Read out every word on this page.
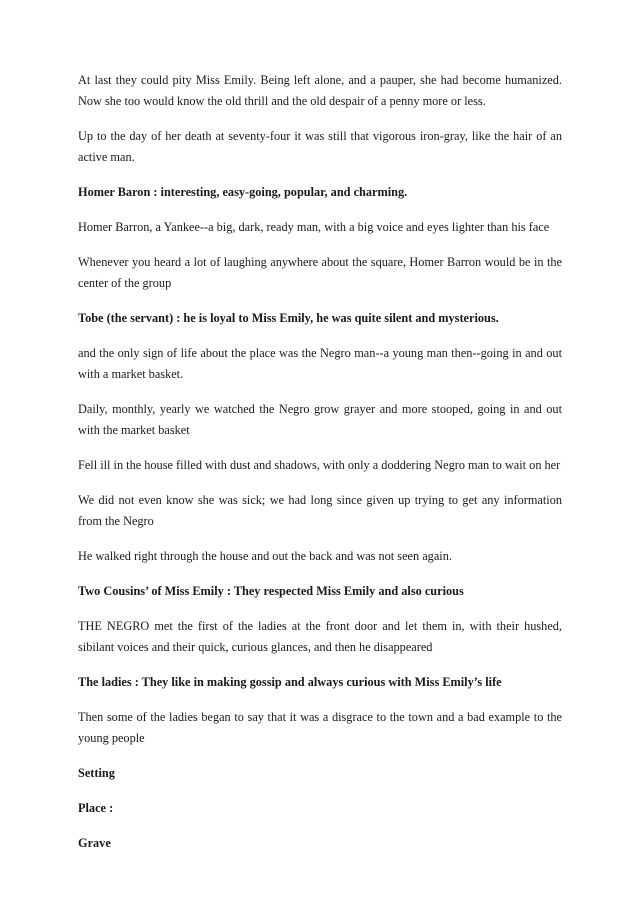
At last they could pity Miss Emily. Being left alone, and a pauper, she had become humanized. Now she too would know the old thrill and the old despair of a penny more or less.

Up to the day of her death at seventy-four it was still that vigorous iron-gray, like the hair of an active man.

Homer Baron : interesting, easy-going, popular, and charming.

Homer Barron, a Yankee--a big, dark, ready man, with a big voice and eyes lighter than his face

Whenever you heard a lot of laughing anywhere about the square, Homer Barron would be in the center of the group

Tobe (the servant) : he is loyal to Miss Emily, he was quite silent and mysterious.

and the only sign of life about the place was the Negro man--a young man then--going in and out with a market basket.

Daily, monthly, yearly we watched the Negro grow grayer and more stooped, going in and out with the market basket

Fell ill in the house filled with dust and shadows, with only a doddering Negro man to wait on her

We did not even know she was sick; we had long since given up trying to get any information from the Negro

He walked right through the house and out the back and was not seen again.

Two Cousins’ of Miss Emily : They respected Miss Emily and also curious

THE NEGRO met the first of the ladies at the front door and let them in, with their hushed, sibilant voices and their quick, curious glances, and then he disappeared

The ladies : They like in making gossip and always curious with Miss Emily’s life

Then some of the ladies began to say that it was a disgrace to the town and a bad example to the young people

Setting

Place :

Grave
